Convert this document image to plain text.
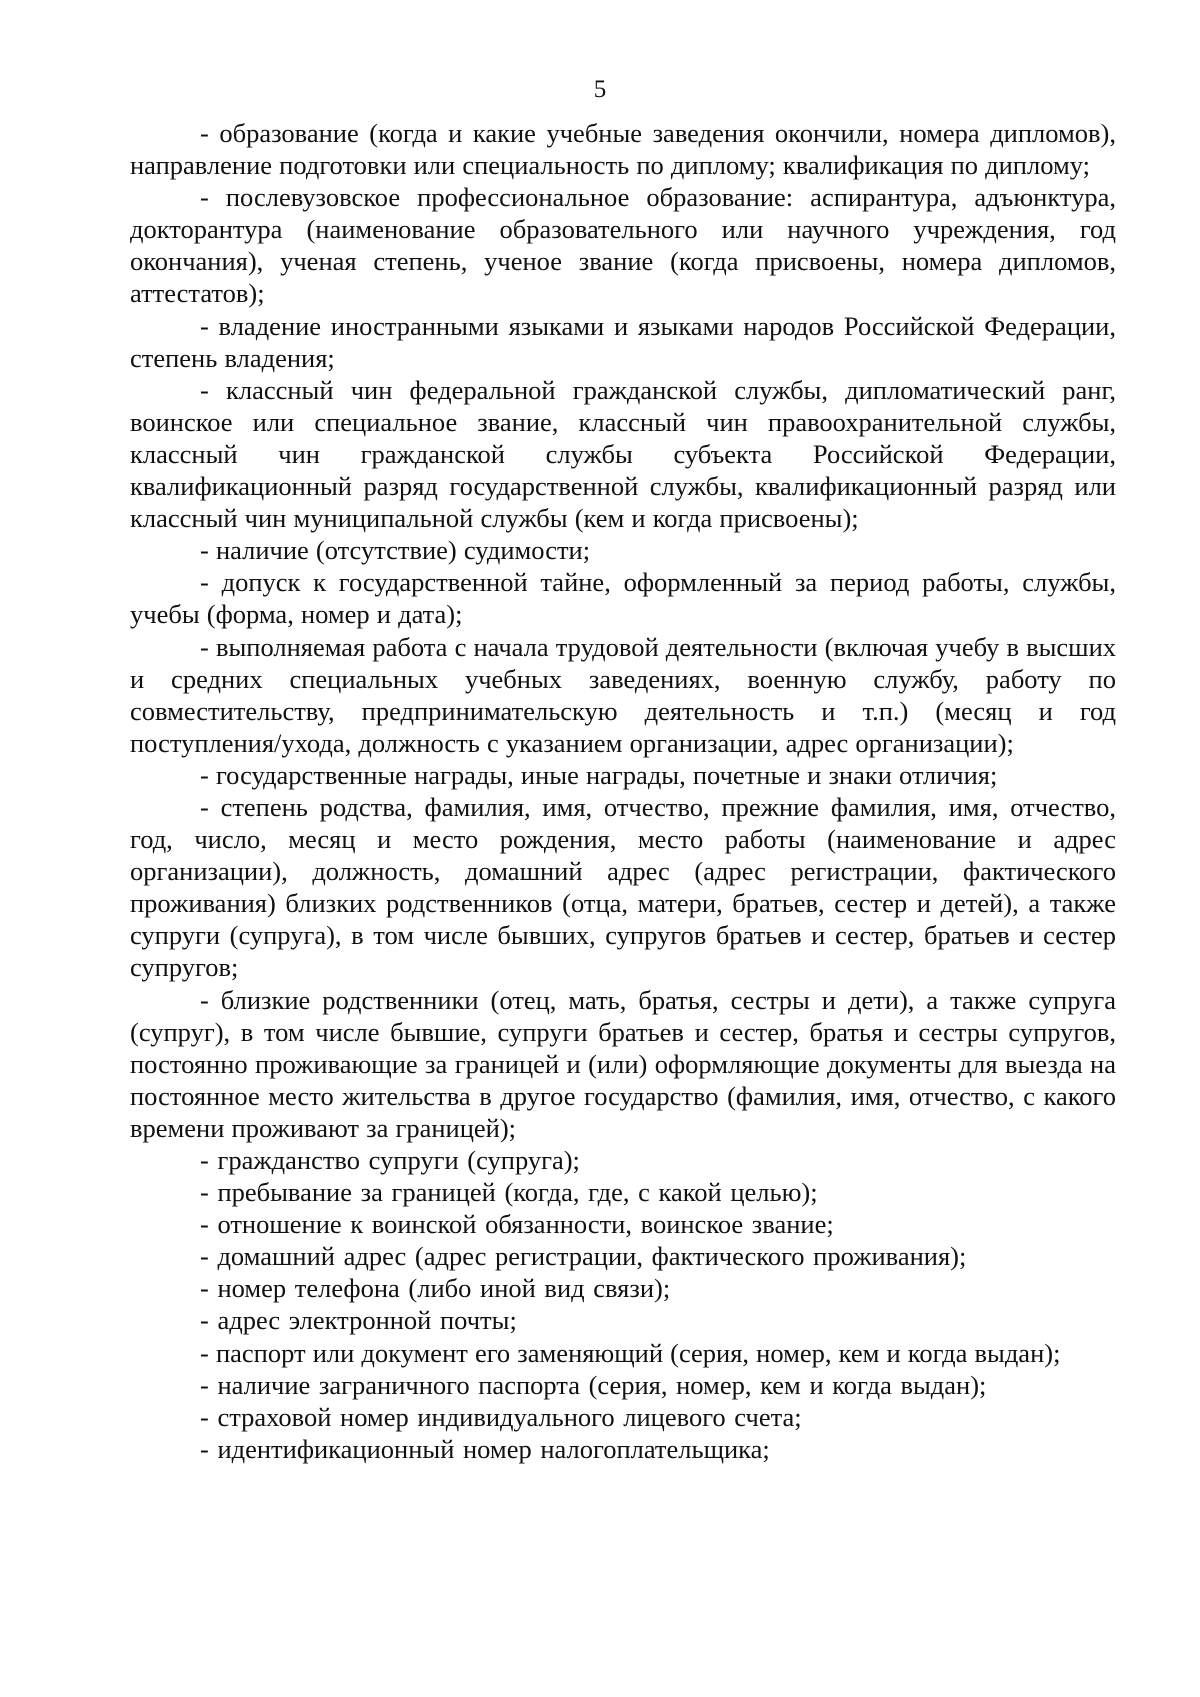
5

- образование (когда и какие учебные заведения окончили, номера дипломов), направление подготовки или специальность по диплому; квалификация по диплому;

- послевузовское профессиональное образование: аспирантура, адъюнктура, докторантура (наименование образовательного или научного учреждения, год окончания), ученая степень, ученое звание (когда присвоены, номера дипломов, аттестатов);

- владение иностранными языками и языками народов Российской Федерации, степень владения;

- классный чин федеральной гражданской службы, дипломатический ранг, воинское или специальное звание, классный чин правоохранительной службы, классный чин гражданской службы субъекта Российской Федерации, квалификационный разряд государственной службы, квалификационный разряд или классный чин муниципальной службы (кем и когда присвоены);

- наличие (отсутствие) судимости;

- допуск к государственной тайне, оформленный за период работы, службы, учебы (форма, номер и дата);

- выполняемая работа с начала трудовой деятельности (включая учебу в высших и средних специальных учебных заведениях, военную службу, работу по совместительству, предпринимательскую деятельность и т.п.) (месяц и год поступления/ухода, должность с указанием организации, адрес организации);

- государственные награды, иные награды, почетные и знаки отличия;

- степень родства, фамилия, имя, отчество, прежние фамилия, имя, отчество, год, число, месяц и место рождения, место работы (наименование и адрес организации), должность, домашний адрес (адрес регистрации, фактического проживания) близких родственников (отца, матери, братьев, сестер и детей), а также супруги (супруга), в том числе бывших, супругов братьев и сестер, братьев и сестер супругов;

- близкие родственники (отец, мать, братья, сестры и дети), а также супруга (супруг), в том числе бывшие, супруги братьев и сестер, братья и сестры супругов, постоянно проживающие за границей и (или) оформляющие документы для выезда на постоянное место жительства в другое государство (фамилия, имя, отчество, с какого времени проживают за границей);

- гражданство супруги (супруга);

- пребывание за границей (когда, где, с какой целью);

- отношение к воинской обязанности, воинское звание;

- домашний адрес (адрес регистрации, фактического проживания);

- номер телефона (либо иной вид связи);

- адрес электронной почты;

- паспорт или документ его заменяющий (серия, номер, кем и когда выдан);

- наличие заграничного паспорта (серия, номер, кем и когда выдан);

- страховой номер индивидуального лицевого счета;

- идентификационный номер налогоплательщика;
